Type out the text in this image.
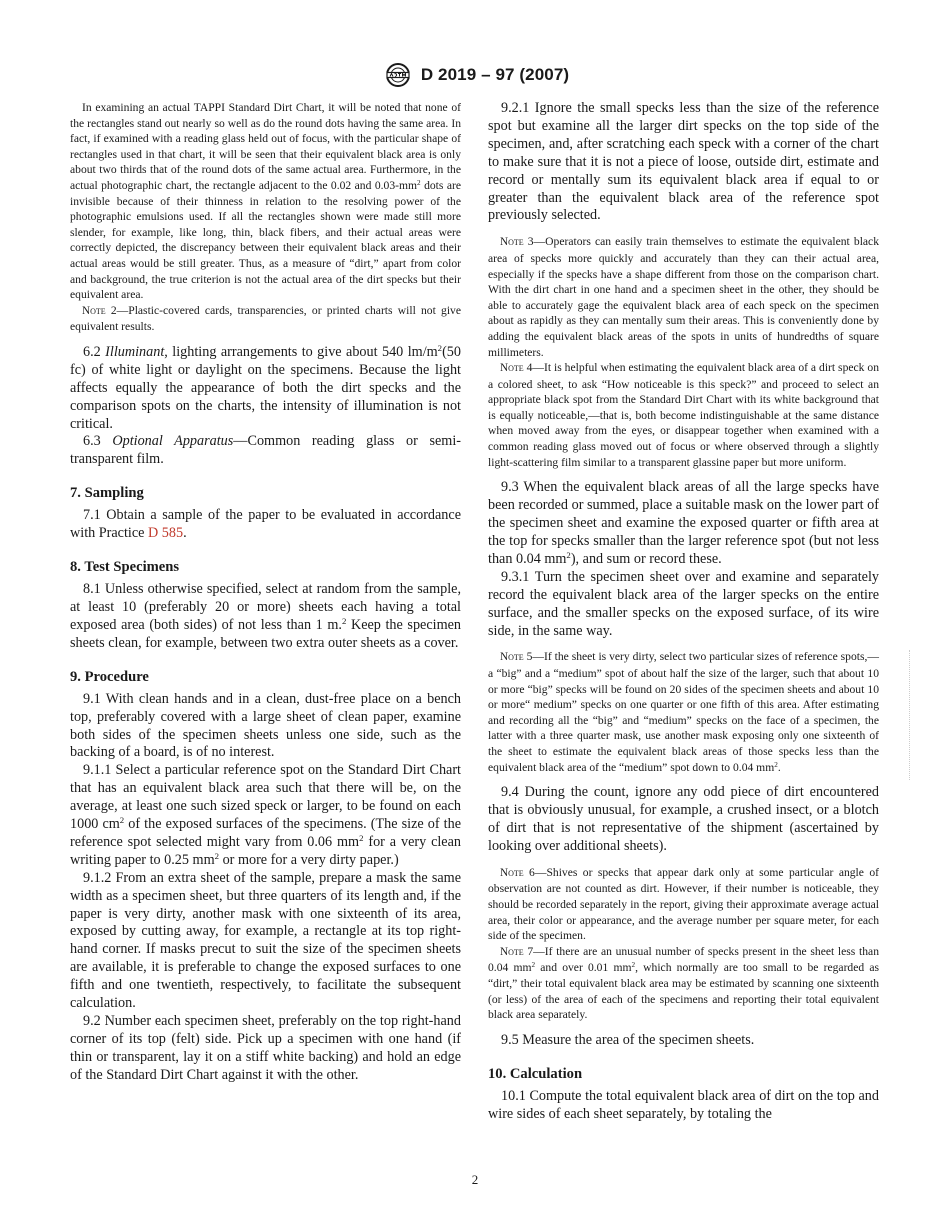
D 2019 – 97 (2007)

In examining an actual TAPPI Standard Dirt Chart, it will be noted that none of the rectangles stand out nearly so well as do the round dots having the same area. In fact, if examined with a reading glass held out of focus, with the particular shape of rectangles used in that chart, it will be seen that their equivalent black area is only about two thirds that of the round dots of the same actual area. Furthermore, in the actual photographic chart, the rectangle adjacent to the 0.02 and $0.03-mm^2$ dots are invisible because of their thinness in relation to the resolving power of the photographic emulsions used. If all the rectangles shown were made still more slender, for example, like long, thin, black fibers, and their actual areas were correctly depicted, the discrepancy between their equivalent black areas and their actual areas would be still greater. Thus, as a measure of “dirt,” apart from color and background, the true criterion is not the actual area of the dirt specks but their equivalent area.

Note 2—Plastic-covered cards, transparencies, or printed charts will not give equivalent results.

6.2 Illuminant, lighting arrangements to give about 540 $lm/m^2(50$ fc) of white light or daylight on the specimens. Because the light affects equally the appearance of both the dirt specks and the comparison spots on the charts, the intensity of illumination is not critical.

6.3 Optional Apparatus—Common reading glass or semi-transparent film.

7. Sampling

7.1 Obtain a sample of the paper to be evaluated in accordance with Practice D 585.

8. Test Specimens

8.1 Unless otherwise specified, select at random from the sample, at least 10 (preferably 20 or more) sheets each having a total exposed area (both sides) of not less than 1 m.$^2$ Keep the specimen sheets clean, for example, between two extra outer sheets as a cover.

9. Procedure

9.1 With clean hands and in a clean, dust-free place on a bench top, preferably covered with a large sheet of clean paper, examine both sides of the specimen sheets unless one side, such as the backing of a board, is of no interest.

9.1.1 Select a particular reference spot on the Standard Dirt Chart that has an equivalent black area such that there will be, on the average, at least one such sized speck or larger, to be found on each 1000 $cm^2$ of the exposed surfaces of the specimens. (The size of the reference spot selected might vary from 0.06 $mm^2$ for a very clean writing paper to 0.25 $mm^2$ or more for a very dirty paper.)

9.1.2 From an extra sheet of the sample, prepare a mask the same width as a specimen sheet, but three quarters of its length and, if the paper is very dirty, another mask with one sixteenth of its area, exposed by cutting away, for example, a rectangle at its top right-hand corner. If masks precut to suit the size of the specimen sheets are available, it is preferable to change the exposed surfaces to one fifth and one twentieth, respectively, to facilitate the subsequent calculation.

9.2 Number each specimen sheet, preferably on the top right-hand corner of its top (felt) side. Pick up a specimen with one hand (if thin or transparent, lay it on a stiff white backing) and hold an edge of the Standard Dirt Chart against it with the other.

9.2.1 Ignore the small specks less than the size of the reference spot but examine all the larger dirt specks on the top side of the specimen, and, after scratching each speck with a corner of the chart to make sure that it is not a piece of loose, outside dirt, estimate and record or mentally sum its equivalent black area if equal to or greater than the equivalent black area of the reference spot previously selected.

Note 3—Operators can easily train themselves to estimate the equivalent black area of specks more quickly and accurately than they can their actual area, especially if the specks have a shape different from those on the comparison chart. With the dirt chart in one hand and a specimen sheet in the other, they should be able to accurately gage the equivalent black area of each speck on the specimen about as rapidly as they can mentally sum their areas. This is conveniently done by adding the equivalent black areas of the spots in units of hundredths of square millimeters.

Note 4—It is helpful when estimating the equivalent black area of a dirt speck on a colored sheet, to ask “How noticeable is this speck?” and proceed to select an appropriate black spot from the Standard Dirt Chart with its white background that is equally noticeable,—that is, both become indistinguishable at the same distance when moved away from the eyes, or disappear together when examined with a common reading glass moved out of focus or where observed through a slightly light-scattering film similar to a transparent glassine paper but more uniform.

9.3 When the equivalent black areas of all the large specks have been recorded or summed, place a suitable mask on the lower part of the specimen sheet and examine the exposed quarter or fifth area at the top for specks smaller than the larger reference spot (but not less than 0.04 $mm^2$), and sum or record these.

9.3.1 Turn the specimen sheet over and examine and separately record the equivalent black area of the larger specks on the entire surface, and the smaller specks on the exposed surface, of its wire side, in the same way.

Note 5—If the sheet is very dirty, select two particular sizes of reference spots,—a “big” and a “medium” spot of about half the size of the larger, such that about 10 or more “big” specks will be found on 20 sides of the specimen sheets and about 10 or more“ medium” specks on one quarter or one fifth of this area. After estimating and recording all the “big” and “medium” specks on the face of a specimen, the latter with a three quarter mask, use another mask exposing only one sixteenth of the sheet to estimate the equivalent black areas of those specks less than the equivalent black area of the “medium” spot down to 0.04 $mm^2$.

9.4 During the count, ignore any odd piece of dirt encountered that is obviously unusual, for example, a crushed insect, or a blotch of dirt that is not representative of the shipment (ascertained by looking over additional sheets).

Note 6—Shives or specks that appear dark only at some particular angle of observation are not counted as dirt. However, if their number is noticeable, they should be recorded separately in the report, giving their approximate average actual area, their color or appearance, and the average number per square meter, for each side of the specimen.

Note 7—If there are an unusual number of specks present in the sheet less than 0.04 $mm^2$ and over 0.01 $mm^2$, which normally are too small to be regarded as “dirt,” their total equivalent black area may be estimated by scanning one sixteenth (or less) of the area of each of the specimens and reporting their total equivalent black area separately.

9.5 Measure the area of the specimen sheets.

10. Calculation

10.1 Compute the total equivalent black area of dirt on the top and wire sides of each sheet separately, by totaling the

2
